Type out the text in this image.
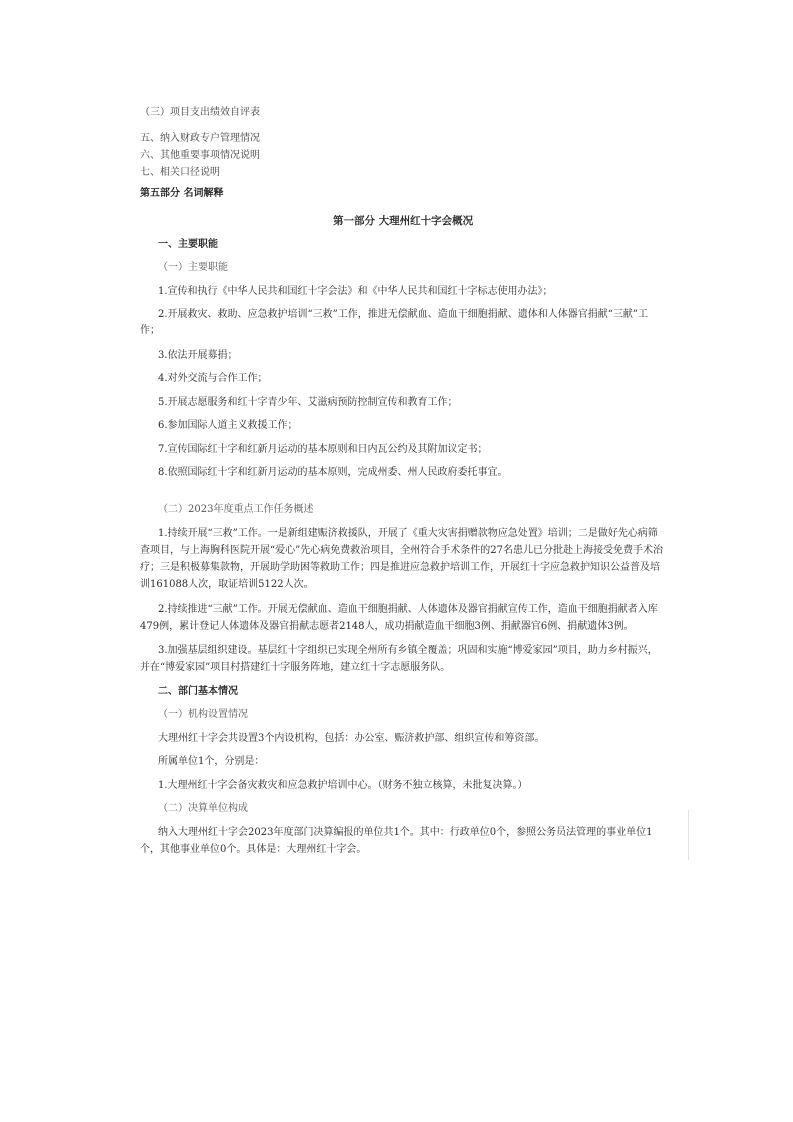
（三）项目支出绩效自评表

五、纳入财政专户管理情况

六、其他重要事项情况说明

七、相关口径说明

第五部分 名词解释

第一部分 大理州红十字会概况

一、主要职能

（一）主要职能

1.宣传和执行《中华人民共和国红十字会法》和《中华人民共和国红十字标志使用办法》；

2.开展救灾、救助、应急救护培训“三救”工作，推进无偿献血、造血干细胞捐献、遗体和人体器官捐献“三献”工

作；

3.依法开展募捐；

4.对外交流与合作工作；

5.开展志愿服务和红十字青少年、艾滋病预防控制宣传和教育工作；

6.参加国际人道主义救援工作；

7.宣传国际红十字和红新月运动的基本原则和日内瓦公约及其附加议定书；

8.依照国际红十字和红新月运动的基本原则，完成州委、州人民政府委托事宜。

（二）2023年度重点工作任务概述

1.持续开展“三救”工作。一是新组建赈济救援队，开展了《重大灾害捐赠款物应急处置》培训；二是做好先心病筛

查项目，与上海胸科医院开展“爱心”先心病免费救治项目，全州符合手术条件的27名患儿已分批赴上海接受免费手术治

疗；三是积极募集款物，开展助学助困等救助工作；四是推进应急救护培训工作，开展红十字应急救护知识公益普及培

训161088人次，取证培训5122人次。

2.持续推进“三献”工作。开展无偿献血、造血干细胞捐献、人体遗体及器官捐献宣传工作，造血干细胞捐献者入库

479例，累计登记人体遗体及器官捐献志愿者2148人，成功捐献造血干细胞3例、捐献器官6例、捐献遗体3例。

3.加强基层组织建设。基层红十字组织已实现全州所有乡镇全覆盖；巩固和实施“博爱家园”项目，助力乡村振兴，

并在“博爱家园”项目村搭建红十字服务阵地，建立红十字志愿服务队。

二、部门基本情况

（一）机构设置情况

大理州红十字会共设置3个内设机构，包括：办公室、赈济救护部、组织宣传和筹资部。

所属单位1个，分别是：

1.大理州红十字会备灾救灾和应急救护培训中心。（财务不独立核算，未批复决算。）

（二）决算单位构成

纳入大理州红十字会2023年度部门决算编报的单位共1个。其中：行政单位0个，参照公务员法管理的事业单位1

个，其他事业单位0个。具体是：大理州红十字会。
